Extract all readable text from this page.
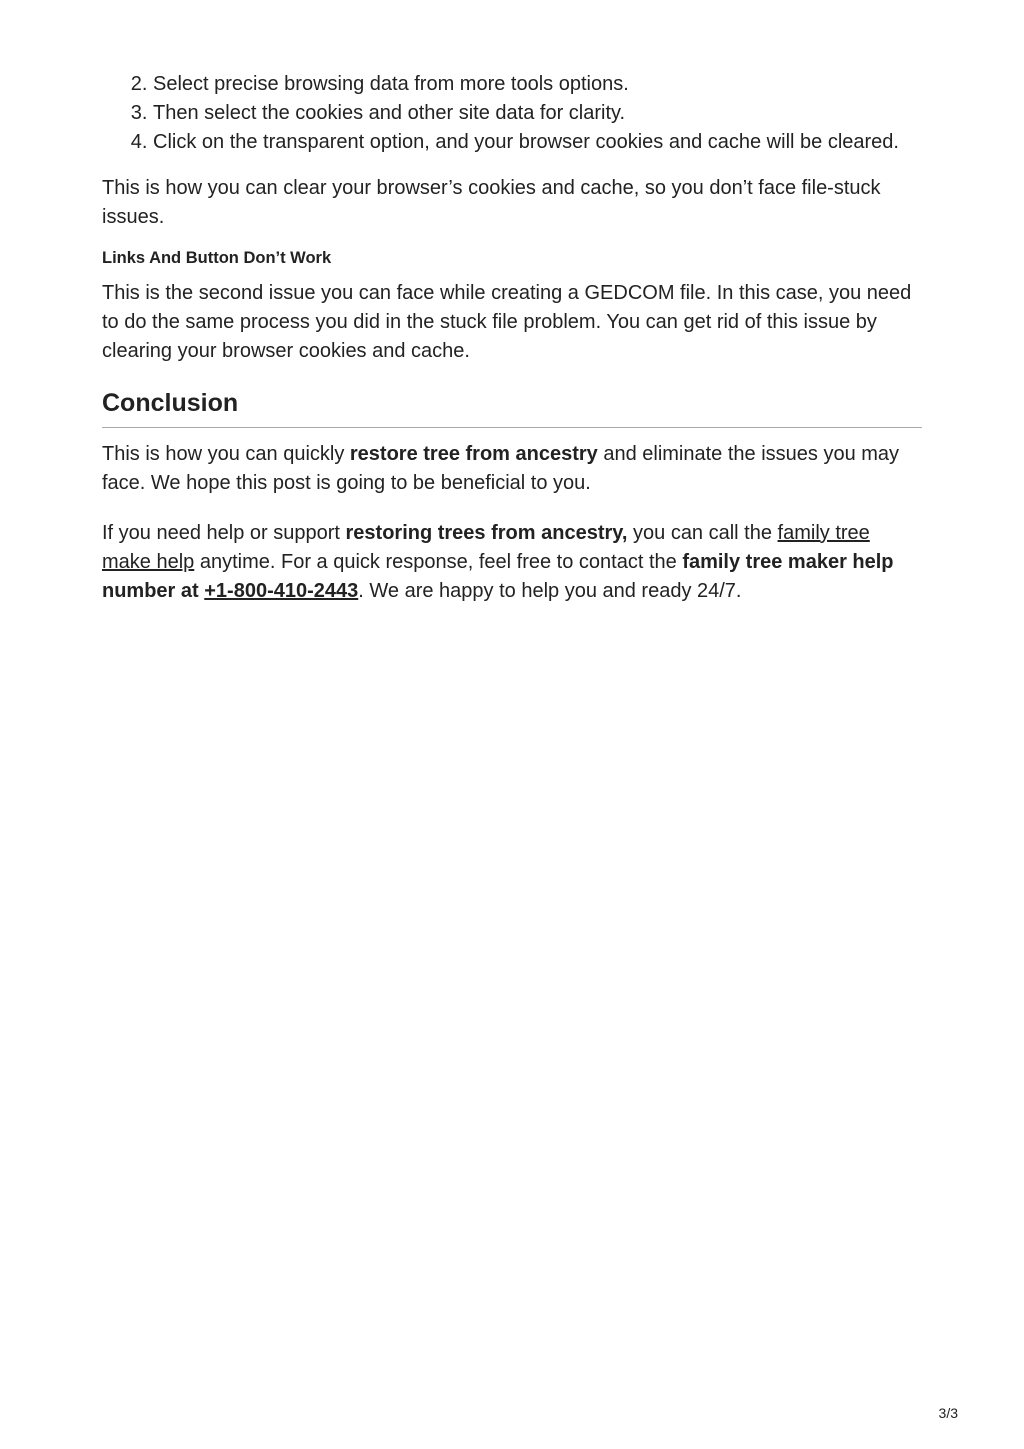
2. Select precise browsing data from more tools options.
3. Then select the cookies and other site data for clarity.
4. Click on the transparent option, and your browser cookies and cache will be cleared.

This is how you can clear your browser’s cookies and cache, so you don’t face file-stuck issues.

Links And Button Don’t Work

This is the second issue you can face while creating a GEDCOM file. In this case, you need to do the same process you did in the stuck file problem. You can get rid of this issue by clearing your browser cookies and cache.

Conclusion

This is how you can quickly restore tree from ancestry and eliminate the issues you may face. We hope this post is going to be beneficial to you.

If you need help or support restoring trees from ancestry, you can call the family tree make help anytime. For a quick response, feel free to contact the family tree maker help number at +1-800-410-2443. We are happy to help you and ready 24/7.

3/3
